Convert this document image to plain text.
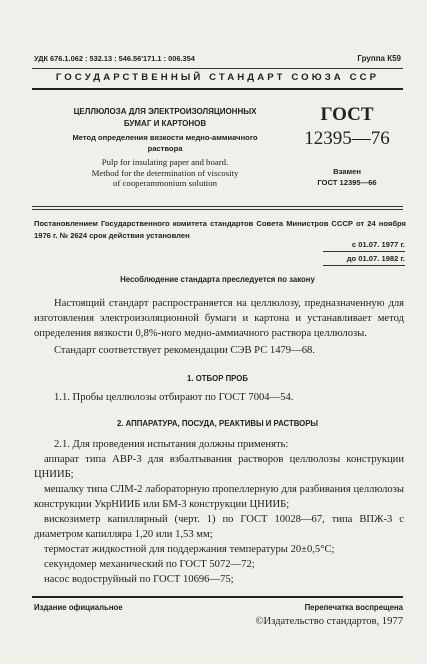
УДК 676.1.062 : 532.13 : 546.56'171.1 : 006.354	Группа К59
ГОСУДАРСТВЕННЫЙ СТАНДАРТ СОЮЗА ССР
ЦЕЛЛЮЛОЗА ДЛЯ ЭЛЕКТРОИЗОЛЯЦИОННЫХ
БУМАГ И КАРТОНОВ
Метод определения вязкости медно-аммиачного
раствора
Pulp for insulating paper and board.
Method for the determination of viscosity
of cooperammonium solution
ГОСТ
12395—76
Взамен
ГОСТ 12395—66
Постановлением Государственного комитета стандартов Совета Министров СССР от 24 ноября 1976 г. № 2624 срок действия установлен
с 01.07. 1977 г.
до 01.07. 1982 г.
Несоблюдение стандарта преследуется по закону
Настоящий стандарт распространяется на целлюлозу, предназначенную для изготовления электроизоляционной бумаги и картона и устанавливает метод определения вязкости 0,8%-ного медно-аммиачного раствора целлюлозы.
Стандарт соответствует рекомендации СЭВ РС 1479—68.
1. ОТБОР ПРОБ
1.1. Пробы целлюлозы отбирают по ГОСТ 7004—54.
2. АППАРАТУРА, ПОСУДА, РЕАКТИВЫ И РАСТВОРЫ
2.1. Для проведения испытания должны применять:
аппарат типа АВР-3 для взбалтывания растворов целлюлозы конструкции ЦНИИБ;
мешалку типа СЛМ-2 лабораторную пропеллерную для разбивания целлюлозы конструкции УкрНИИБ или БМ-3 конструкции ЦНИИБ;
вискозиметр капиллярный (черт. 1) по ГОСТ 10028—67, типа ВПЖ-3 с диаметром капилляра 1,20 или 1,53 мм;
термостат жидкостной для поддержания температуры 20±0,5°С;
секундомер механический по ГОСТ 5072—72;
насос водоструйный по ГОСТ 10696—75;
Издание официальное	Перепечатка воспрещена
©Издательство стандартов, 1977
